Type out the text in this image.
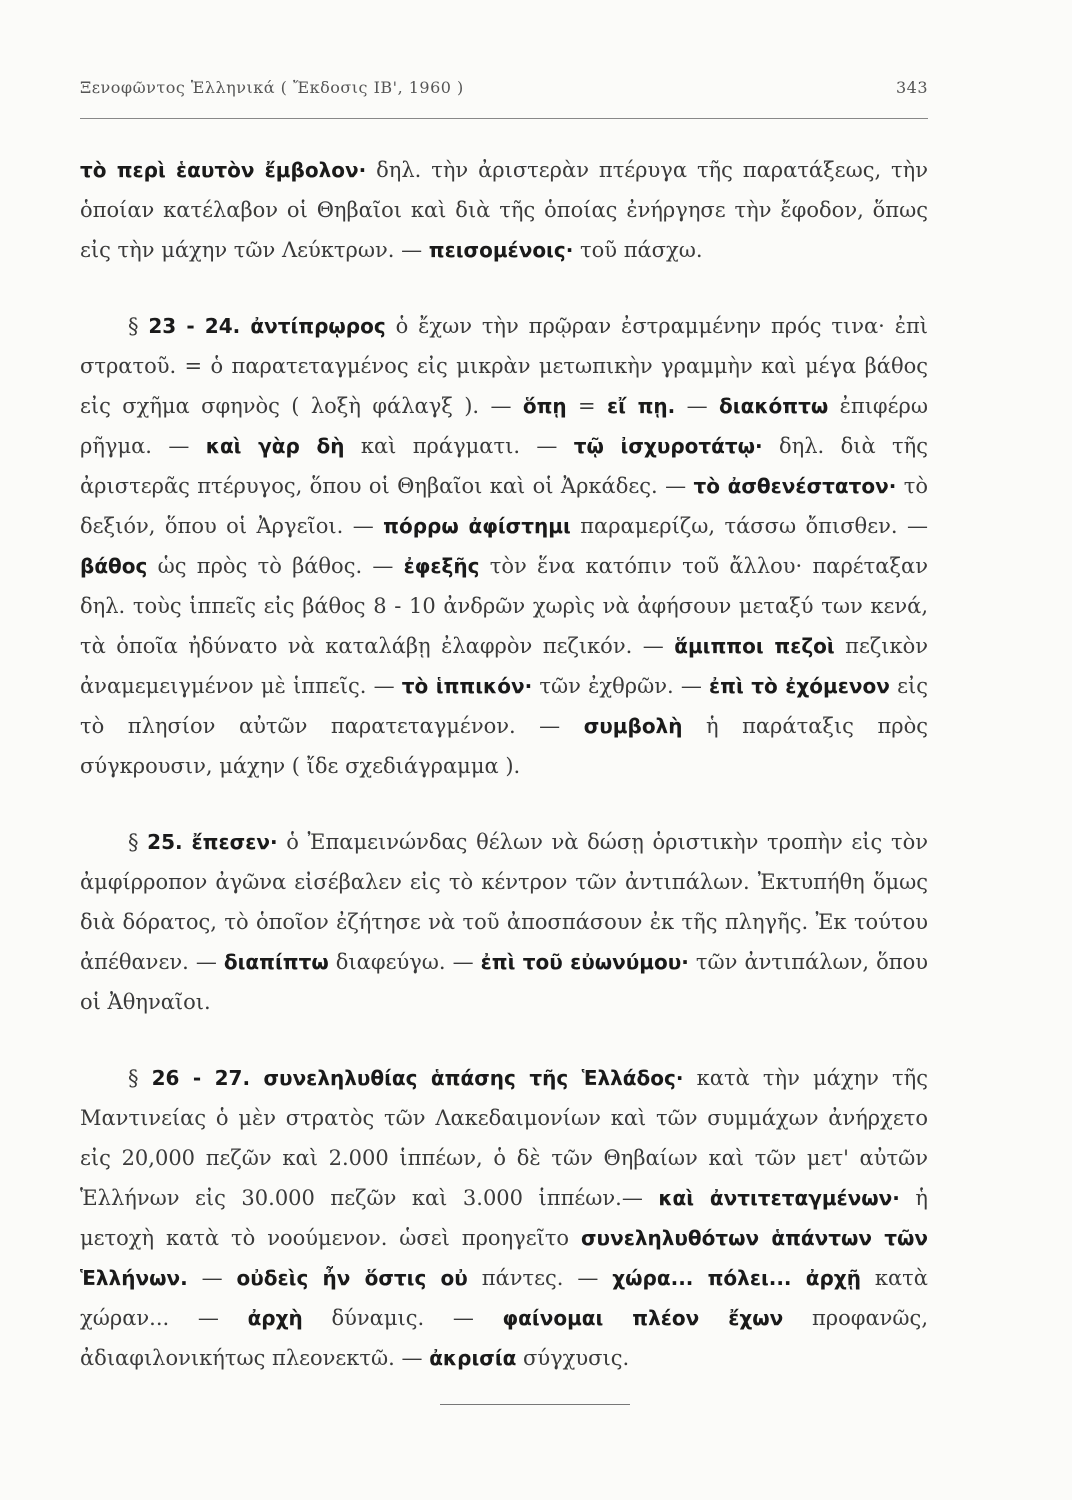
Ξενοφῶντος Ἑλληνικά ( Ἔκδοσις ΙΒ', 1960 )	343

τὸ περὶ ἑαυτὸν ἔμβολον· δηλ. τὴν ἀριστερὰν πτέρυγα τῆς παρατάξεως, τὴν ὁποίαν κατέλαβον οἱ Θηβαῖοι καὶ διὰ τῆς ὁποίας ἐνήργησε τὴν ἔφοδον, ὅπως εἰς τὴν μάχην τῶν Λεύκτρων. — πεισομένοις· τοῦ πάσχω.

§ 23 - 24. ἀντίπρῳρος ὁ ἔχων τὴν πρῷραν ἐστραμμένην πρός τινα· ἐπὶ στρατοῦ. = ὁ παρατεταγμένος εἰς μικρὰν μετωπικὴν γραμμὴν καὶ μέγα βάθος εἰς σχῆμα σφηνὸς ( λοξὴ φάλαγξ ). — ὅπῃ = εἴ πῃ. — διακόπτω ἐπιφέρω ρῆγμα. — καὶ γὰρ δὴ καὶ πράγματι. — τῷ ἰσχυροτάτῳ· δηλ. διὰ τῆς ἀριστερᾶς πτέρυγος, ὅπου οἱ Θηβαῖοι καὶ οἱ Ἀρκάδες. — τὸ ἀσθενέστατον· τὸ δεξιόν, ὅπου οἱ Ἀργεῖοι. — πόρρω ἀφίστημι παραμερίζω, τάσσω ὄπισθεν. — βάθος ὡς πρὸς τὸ βάθος. — ἐφεξῆς τὸν ἕνα κατόπιν τοῦ ἄλλου· παρέταξαν δηλ. τοὺς ἱππεῖς εἰς βάθος 8 - 10 ἀνδρῶν χωρὶς νὰ ἀφήσουν μεταξύ των κενά, τὰ ὁποῖα ἠδύνατο νὰ καταλάβῃ ἐλαφρὸν πεζικόν. — ἅμιπποι πεζοὶ πεζικὸν ἀναμεμειγμένον μὲ ἱππεῖς. — τὸ ἱππικόν· τῶν ἐχθρῶν. — ἐπὶ τὸ ἐχόμενον εἰς τὸ πλησίον αὐτῶν παρατεταγμένον. — συμβολὴ ἡ παράταξις πρὸς σύγκρουσιν, μάχην ( ἴδε σχεδιάγραμμα ).

§ 25. ἔπεσεν· ὁ Ἐπαμεινώνδας θέλων νὰ δώσῃ ὁριστικὴν τροπὴν εἰς τὸν ἀμφίρροπον ἀγῶνα εἰσέβαλεν εἰς τὸ κέντρον τῶν ἀντιπάλων. Ἐκτυπήθη ὅμως διὰ δόρατος, τὸ ὁποῖον ἐζήτησε νὰ τοῦ ἀποσπάσουν ἐκ τῆς πληγῆς. Ἐκ τούτου ἀπέθανεν. — διαπίπτω διαφεύγω. — ἐπὶ τοῦ εὐωνύμου· τῶν ἀντιπάλων, ὅπου οἱ Ἀθηναῖοι.

§ 26 - 27. συνεληλυθίας ἁπάσης τῆς Ἑλλάδος· κατὰ τὴν μάχην τῆς Μαντινείας ὁ μὲν στρατὸς τῶν Λακεδαιμονίων καὶ τῶν συμμάχων ἀνήρχετο εἰς 20,000 πεζῶν καὶ 2.000 ἱππέων, ὁ δὲ τῶν Θηβαίων καὶ τῶν μετ' αὐτῶν Ἑλλήνων εἰς 30.000 πεζῶν καὶ 3.000 ἱππέων.— καὶ ἀντιτεταγμένων· ἡ μετοχὴ κατὰ τὸ νοούμενον. ὡσεὶ προηγεῖτο συνεληλυθότων ἁπάντων τῶν Ἑλλήνων. — οὐδεὶς ἦν ὅστις οὐ πάντες. — χώρα... πόλει... ἀρχῇ κατὰ χώραν... — ἀρχὴ δύναμις. — φαίνομαι πλέον ἔχων προφανῶς, ἀδιαφιλονικήτως πλεονεκτῶ. — ἀκρισία σύγχυσις.
